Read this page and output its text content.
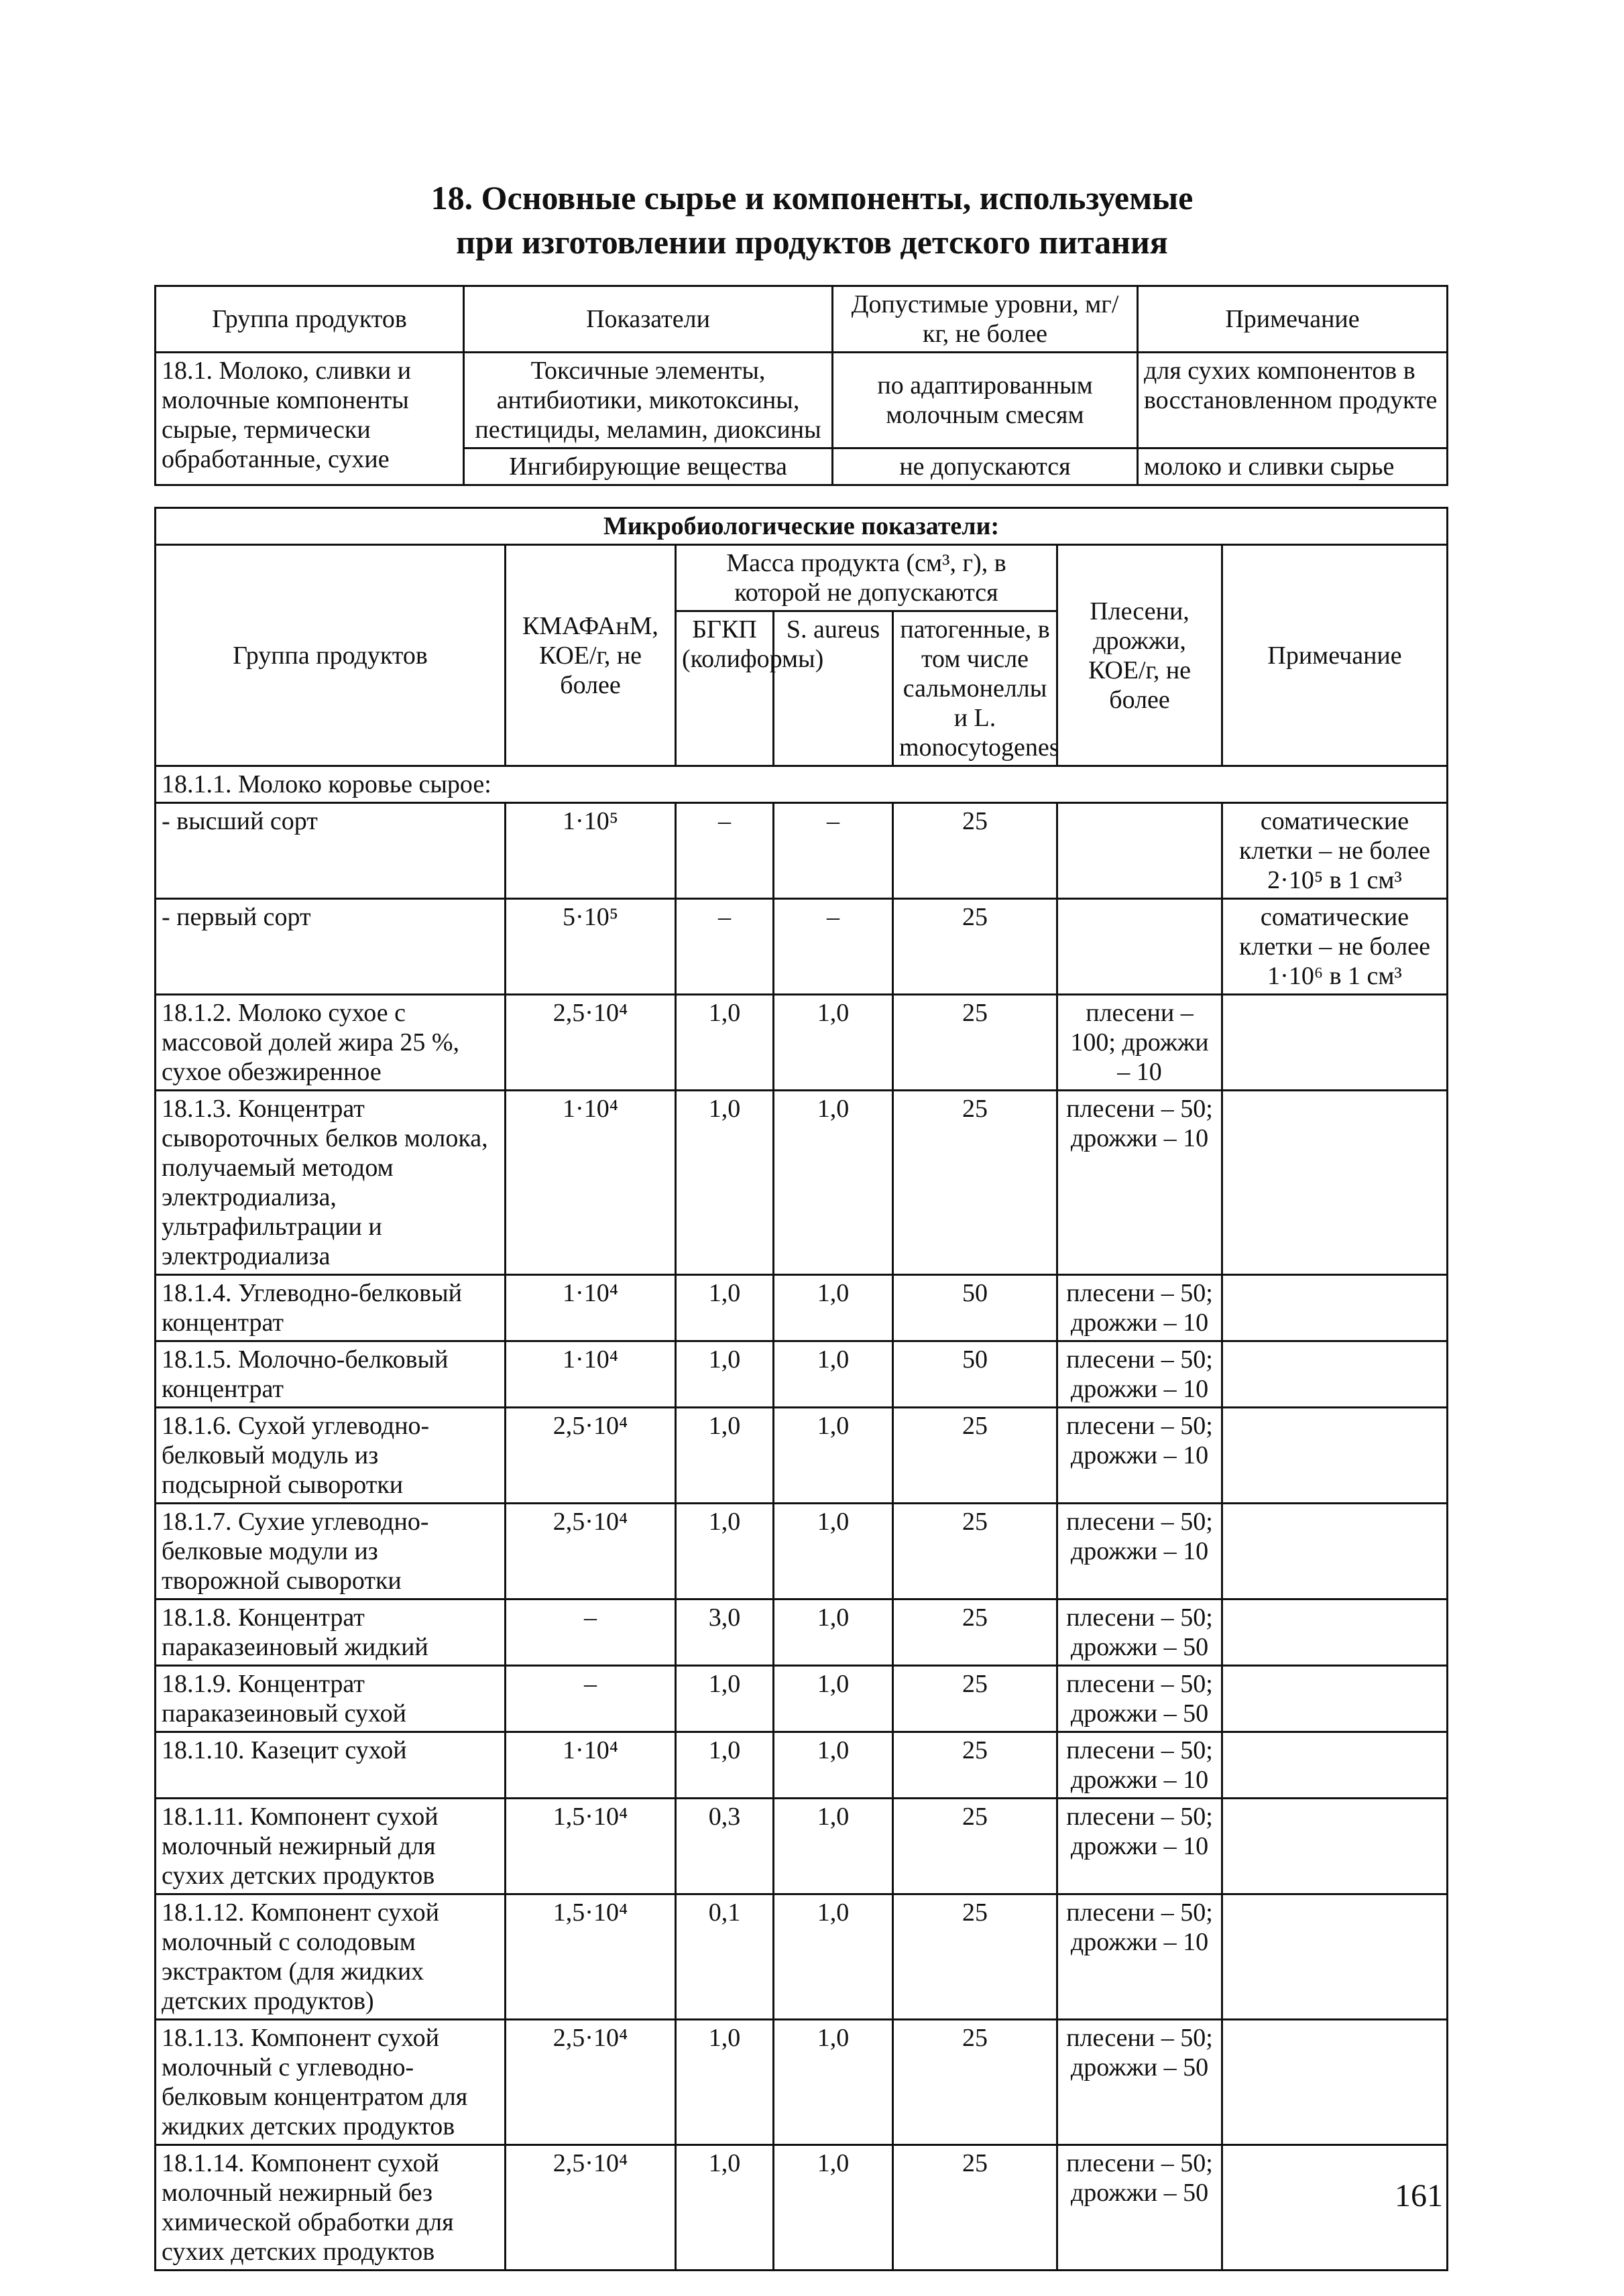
18. Основные сырье и компоненты, используемые
при изготовлении продуктов детского питания
Группа продуктов	Показатели	Допустимые уровни, мг/кг, не более	Примечание
18.1. Молоко, сливки и молочные компоненты сырые, термически обработанные, сухие	Токсичные элементы, антибиотики, микотоксины, пестициды, меламин, диоксины	по адаптированным молочным смесям	для сухих компонентов в восстановленном продукте
	Ингибирующие вещества	не допускаются	молоко и сливки сырье
Микробиологические показатели:						
Группа продуктов	КМАФАнМ, КОЕ/г, не более	Масса продукта (см³, г), в которой не допускаются			Плесени, дрожжи, КОЕ/г, не более	Примечание
		БГКП (колиформы)	S. aureus	патогенные, в том числе сальмонеллы и L. monocytogenes		
18.1.1. Молоко коровье сырое:						
- высший сорт	1·10⁵	–	–	25		соматические клетки – не более 2·10⁵ в 1 см³
- первый сорт	5·10⁵	–	–	25		соматические клетки – не более 1·10⁶ в 1 см³
18.1.2. Молоко сухое с массовой долей жира 25 %, сухое обезжиренное	2,5·10⁴	1,0	1,0	25	плесени – 100; дрожжи – 10	
18.1.3. Концентрат сывороточных белков молока, получаемый методом электродиализа, ультрафильтрации и электродиализа	1·10⁴	1,0	1,0	25	плесени – 50; дрожжи – 10	
18.1.4. Углеводно-белковый концентрат	1·10⁴	1,0	1,0	50	плесени – 50; дрожжи – 10	
18.1.5. Молочно-белковый концентрат	1·10⁴	1,0	1,0	50	плесени – 50; дрожжи – 10	
18.1.6. Сухой углеводно-белковый модуль из подсырной сыворотки	2,5·10⁴	1,0	1,0	25	плесени – 50; дрожжи – 10	
18.1.7. Сухие углеводно-белковые модули из творожной сыворотки	2,5·10⁴	1,0	1,0	25	плесени – 50; дрожжи – 10	
18.1.8. Концентрат параказеиновый жидкий	–	3,0	1,0	25	плесени – 50; дрожжи – 50	
18.1.9. Концентрат параказеиновый сухой	–	1,0	1,0	25	плесени – 50; дрожжи – 50	
18.1.10. Казецит сухой	1·10⁴	1,0	1,0	25	плесени – 50; дрожжи – 10	
18.1.11. Компонент сухой молочный нежирный для сухих детских продуктов	1,5·10⁴	0,3	1,0	25	плесени – 50; дрожжи – 10	
18.1.12. Компонент сухой молочный с солодовым экстрактом (для жидких детских продуктов)	1,5·10⁴	0,1	1,0	25	плесени – 50; дрожжи – 10	
18.1.13. Компонент сухой молочный с углеводно-белковым концентратом для жидких детских продуктов	2,5·10⁴	1,0	1,0	25	плесени – 50; дрожжи – 50	
18.1.14. Компонент сухой молочный нежирный без химической обработки для сухих детских продуктов	2,5·10⁴	1,0	1,0	25	плесени – 50; дрожжи – 50		161
